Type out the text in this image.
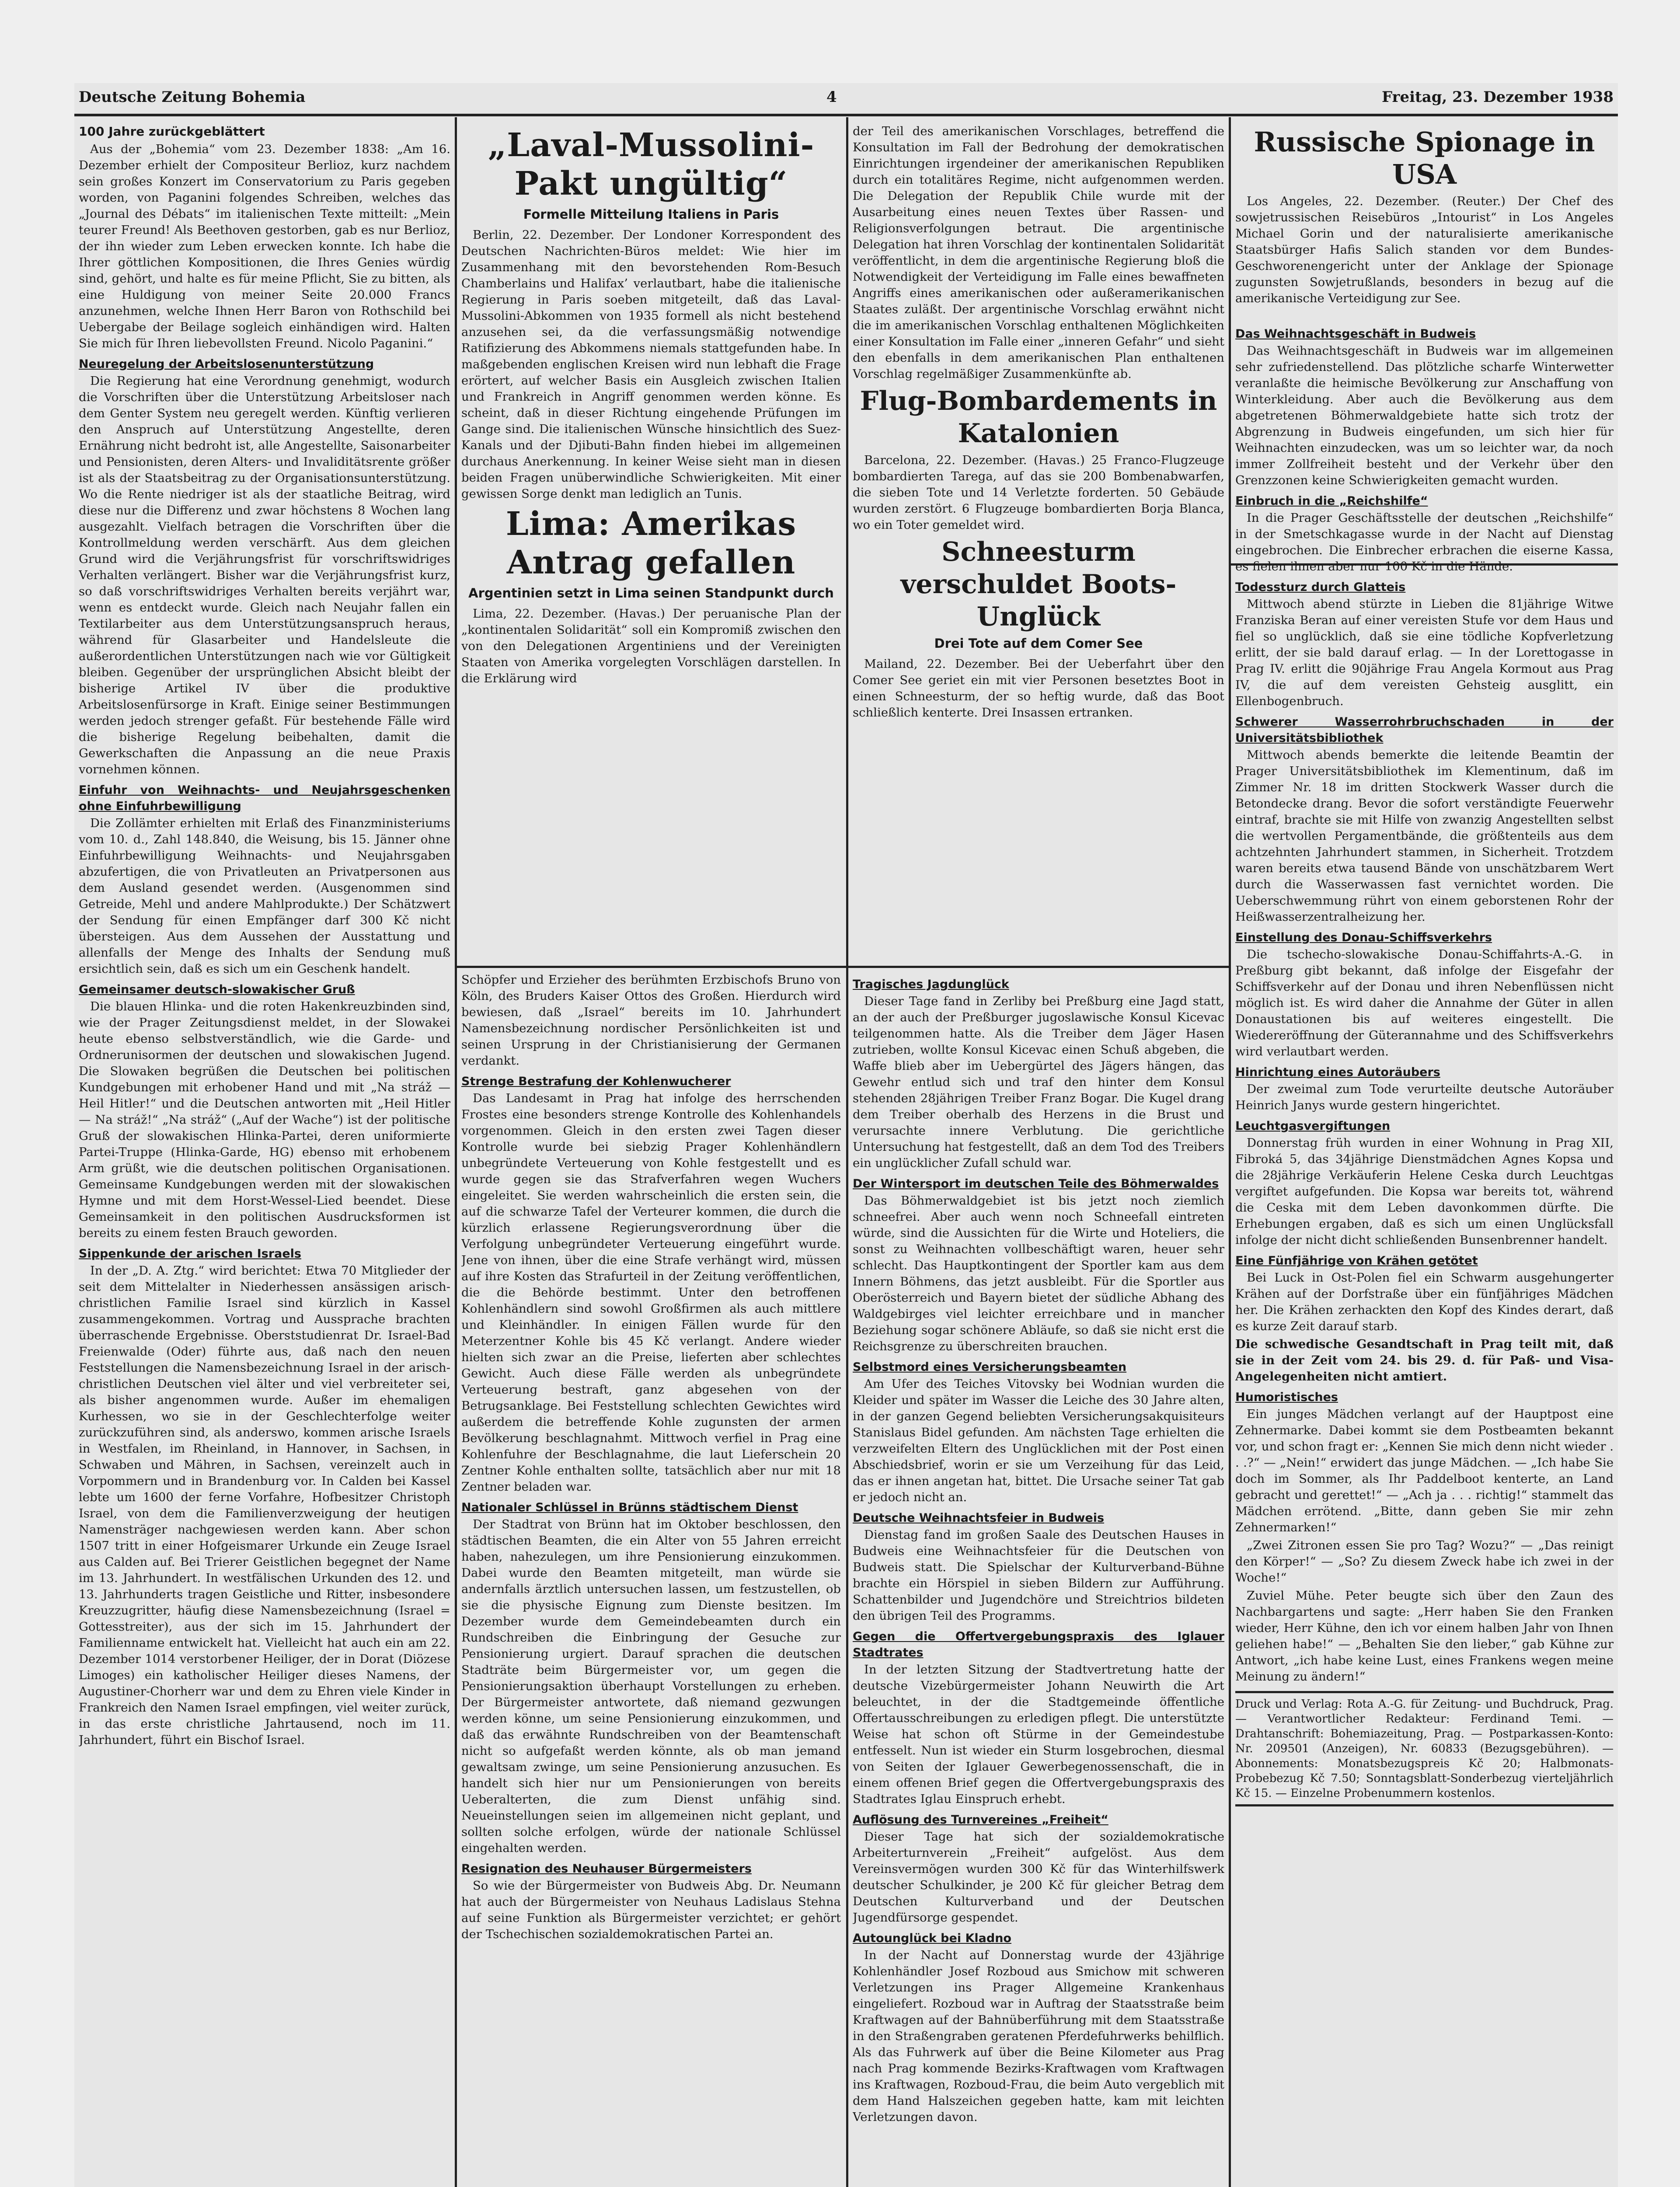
Deutsche Zeitung Bohemia	4	Freitag, 23. Dezember 1938
100 Jahre zurückgeblättert

Aus der „Bohemia“ vom 23. Dezember 1838: „Am 16. Dezember erhielt der Compositeur Berlioz, kurz nachdem sein großes Konzert im Conservatorium zu Paris gegeben worden, von Paganini folgendes Schreiben, welches das „Journal des Débats“ im italienischen Texte mitteilt: „Mein teurer Freund! Als Beethoven gestorben, gab es nur Berlioz, der ihn wieder zum Leben erwecken konnte. Ich habe die Ihrer göttlichen Kompositionen, die Ihres Genies würdig sind, gehört, und halte es für meine Pflicht, Sie zu bitten, als eine Huldigung von meiner Seite 20.000 Francs anzunehmen, welche Ihnen Herr Baron von Rothschild bei Uebergabe der Beilage sogleich einhändigen wird. Halten Sie mich für Ihren liebevollsten Freund. Nicolo Paganini.“

Neuregelung der Arbeitslosenunterstützung

Die Regierung hat eine Verordnung genehmigt, wodurch die Vorschriften über die Unterstützung Arbeitsloser nach dem Genter System neu geregelt werden. Künftig verlieren den Anspruch auf Unterstützung Angestellte, deren Ernährung nicht bedroht ist, alle Angestellte, Saisonarbeiter und Pensionisten, deren Alters- und Invaliditätsrente größer ist als der Staatsbeitrag zu der Organisationsunterstützung. Wo die Rente niedriger ist als der staatliche Beitrag, wird diese nur die Differenz und zwar höchstens 8 Wochen lang ausgezahlt. Vielfach betragen die Vorschriften über die Kontrollmeldung werden verschärft. Aus dem gleichen Grund wird die Verjährungsfrist für vorschriftswidriges Verhalten verlängert. Bisher war die Verjährungsfrist kurz, so daß vorschriftswidriges Verhalten bereits verjährt war, wenn es entdeckt wurde. Gleich nach Neujahr fallen ein Textilarbeiter aus dem Unterstützungsanspruch heraus, während für Glasarbeiter und Handelsleute die außerordentlichen Unterstützungen nach wie vor Gültigkeit bleiben. Gegenüber der ursprünglichen Absicht bleibt der bisherige Artikel IV über die produktive Arbeitslosenfürsorge in Kraft. Einige seiner Bestimmungen werden jedoch strenger gefaßt. Für bestehende Fälle wird die bisherige Regelung beibehalten, damit die Gewerkschaften die Anpassung an die neue Praxis vornehmen können.

Einfuhr von Weihnachts- und Neujahrsgeschenken ohne Einfuhrbewilligung

Die Zollämter erhielten mit Erlaß des Finanzministeriums vom 10. d., Zahl 148.840, die Weisung, bis 15. Jänner ohne Einfuhrbewilligung Weihnachts- und Neujahrsgaben abzufertigen, die von Privatleuten an Privatpersonen aus dem Ausland gesendet werden. (Ausgenommen sind Getreide, Mehl und andere Mahlprodukte.) Der Schätzwert der Sendung für einen Empfänger darf 300 Kč nicht übersteigen. Aus dem Aussehen der Ausstattung und allenfalls der Menge des Inhalts der Sendung muß ersichtlich sein, daß es sich um ein Geschenk handelt.

Gemeinsamer deutsch-slowakischer Gruß

Die blauen Hlinka- und die roten Hakenkreuzbinden sind, wie der Prager Zeitungsdienst meldet, in der Slowakei heute ebenso selbstverständlich, wie die Garde- und Ordnerunisormen der deutschen und slowakischen Jugend. Die Slowaken begrüßen die Deutschen bei politischen Kundgebungen mit erhobener Hand und mit „Na stráž — Heil Hitler!“ und die Deutschen antworten mit „Heil Hitler — Na stráž!“ „Na stráž“ („Auf der Wache“) ist der politische Gruß der slowakischen Hlinka-Partei, deren uniformierte Partei-Truppe (Hlinka-Garde, HG) ebenso mit erhobenem Arm grüßt, wie die deutschen politischen Organisationen. Gemeinsame Kundgebungen werden mit der slowakischen Hymne und mit dem Horst-Wessel-Lied beendet. Diese Gemeinsamkeit in den politischen Ausdrucksformen ist bereits zu einem festen Brauch geworden.

Sippenkunde der arischen Israels

In der „D. A. Ztg.“ wird berichtet: Etwa 70 Mitglieder der seit dem Mittelalter in Niederhessen ansässigen arisch-christlichen Familie Israel sind kürzlich in Kassel zusammengekommen. Vortrag und Aussprache brachten überraschende Ergebnisse. Oberststudienrat Dr. Israel-Bad Freienwalde (Oder) führte aus, daß nach den neuen Feststellungen die Namensbezeichnung Israel in der arisch-christlichen Deutschen viel älter und viel verbreiteter sei, als bisher angenommen wurde. Außer im ehemaligen Kurhessen, wo sie in der Geschlechterfolge weiter zurückzuführen sind, als anderswo, kommen arische Israels in Westfalen, im Rheinland, in Hannover, in Sachsen, in Schwaben und Mähren, in Sachsen, vereinzelt auch in Vorpommern und in Brandenburg vor. In Calden bei Kassel lebte um 1600 der ferne Vorfahre, Hofbesitzer Christoph Israel, von dem die Familienverzweigung der heutigen Namensträger nachgewiesen werden kann. Aber schon 1507 tritt in einer Hofgeismarer Urkunde ein Zeuge Israel aus Calden auf. Bei Trierer Geistlichen begegnet der Name im 13. Jahrhundert. In westfälischen Urkunden des 12. und 13. Jahrhunderts tragen Geistliche und Ritter, insbesondere Kreuzzugritter, häufig diese Namensbezeichnung (Israel = Gottesstreiter), aus der sich im 15. Jahrhundert der Familienname entwickelt hat. Vielleicht hat auch ein am 22. Dezember 1014 verstorbener Heiliger, der in Dorat (Diözese Limoges) ein katholischer Heiliger dieses Namens, der Augustiner-Chorherr war und dem zu Ehren viele Kinder in Frankreich den Namen Israel empfingen, viel weiter zurück, in das erste christliche Jahrtausend, noch im 11. Jahrhundert, führt ein Bischof Israel.

„Laval-Mussolini-Pakt ungültig“
Formelle Mitteilung Italiens in Paris

Berlin, 22. Dezember. Der Londoner Korrespondent des Deutschen Nachrichten-Büros meldet: Wie hier im Zusammenhang mit den bevorstehenden Rom-Besuch Chamberlains und Halifax’ verlautbart, habe die italienische Regierung in Paris soeben mitgeteilt, daß das Laval-Mussolini-Abkommen von 1935 formell als nicht bestehend anzusehen sei, da die verfassungsmäßig notwendige Ratifizierung des Abkommens niemals stattgefunden habe. In maßgebenden englischen Kreisen wird nun lebhaft die Frage erörtert, auf welcher Basis ein Ausgleich zwischen Italien und Frankreich in Angriff genommen werden könne. Es scheint, daß in dieser Richtung eingehende Prüfungen im Gange sind. Die italienischen Wünsche hinsichtlich des Suez-Kanals und der Djibuti-Bahn finden hiebei im allgemeinen durchaus Anerkennung. In keiner Weise sieht man in diesen beiden Fragen unüberwindliche Schwierigkeiten. Mit einer gewissen Sorge denkt man lediglich an Tunis.

Lima: Amerikas Antrag gefallen
Argentinien setzt in Lima seinen Standpunkt durch

Lima, 22. Dezember. (Havas.) Der peruanische Plan der „kontinentalen Solidarität“ soll ein Kompromiß zwischen den von den Delegationen Argentiniens und der Vereinigten Staaten von Amerika vorgelegten Vorschlägen darstellen. In die Erklärung wird

der Teil des amerikanischen Vorschlages, betreffend die Konsultation im Fall der Bedrohung der demokratischen Einrichtungen irgendeiner der amerikanischen Republiken durch ein totalitäres Regime, nicht aufgenommen werden. Die Delegation der Republik Chile wurde mit der Ausarbeitung eines neuen Textes über Rassen- und Religionsverfolgungen betraut. Die argentinische Delegation hat ihren Vorschlag der kontinentalen Solidarität veröffentlicht, in dem die argentinische Regierung bloß die Notwendigkeit der Verteidigung im Falle eines bewaffneten Angriffs eines amerikanischen oder außeramerikanischen Staates zuläßt. Der argentinische Vorschlag erwähnt nicht die im amerikanischen Vorschlag enthaltenen Möglichkeiten einer Konsultation im Falle einer „inneren Gefahr“ und sieht den ebenfalls in dem amerikanischen Plan enthaltenen Vorschlag regelmäßiger Zusammenkünfte ab.

Flug-Bombardements in Katalonien

Barcelona, 22. Dezember. (Havas.) 25 Franco-Flugzeuge bombardierten Tarega, auf das sie 200 Bombenabwarfen, die sieben Tote und 14 Verletzte forderten. 50 Gebäude wurden zerstört. 6 Flugzeuge bombardierten Borja Blanca, wo ein Toter gemeldet wird.

Schneesturm verschuldet Boots-Unglück
Drei Tote auf dem Comer See

Mailand, 22. Dezember. Bei der Ueberfahrt über den Comer See geriet ein mit vier Personen besetztes Boot in einen Schneesturm, der so heftig wurde, daß das Boot schließlich kenterte. Drei Insassen ertranken.

Schöpfer und Erzieher des berühmten Erzbischofs Bruno von Köln, des Bruders Kaiser Ottos des Großen. Hierdurch wird bewiesen, daß „Israel“ bereits im 10. Jahrhundert Namensbezeichnung nordischer Persönlichkeiten ist und seinen Ursprung in der Christianisierung der Germanen verdankt.

Strenge Bestrafung der Kohlenwucherer

Das Landesamt in Prag hat infolge des herrschenden Frostes eine besonders strenge Kontrolle des Kohlenhandels vorgenommen. Gleich in den ersten zwei Tagen dieser Kontrolle wurde bei siebzig Prager Kohlenhändlern unbegründete Verteuerung von Kohle festgestellt und es wurde gegen sie das Strafverfahren wegen Wuchers eingeleitet. Sie werden wahrscheinlich die ersten sein, die auf die schwarze Tafel der Verteurer kommen, die durch die kürzlich erlassene Regierungsverordnung über die Verfolgung unbegründeter Verteuerung eingeführt wurde. Jene von ihnen, über die eine Strafe verhängt wird, müssen auf ihre Kosten das Strafurteil in der Zeitung veröffentlichen, die die Behörde bestimmt. Unter den betroffenen Kohlenhändlern sind sowohl Großfirmen als auch mittlere und Kleinhändler. In einigen Fällen wurde für den Meterzentner Kohle bis 45 Kč verlangt. Andere wieder hielten sich zwar an die Preise, lieferten aber schlechtes Gewicht. Auch diese Fälle werden als unbegründete Verteuerung bestraft, ganz abgesehen von der Betrugsanklage. Bei Feststellung schlechten Gewichtes wird außerdem die betreffende Kohle zugunsten der armen Bevölkerung beschlagnahmt. Mittwoch verfiel in Prag eine Kohlenfuhre der Beschlagnahme, die laut Lieferschein 20 Zentner Kohle enthalten sollte, tatsächlich aber nur mit 18 Zentner beladen war.

Nationaler Schlüssel in Brünns städtischem Dienst

Der Stadtrat von Brünn hat im Oktober beschlossen, den städtischen Beamten, die ein Alter von 55 Jahren erreicht haben, nahezulegen, um ihre Pensionierung einzukommen. Dabei wurde den Beamten mitgeteilt, man würde sie andernfalls ärztlich untersuchen lassen, um festzustellen, ob sie die physische Eignung zum Dienste besitzen. Im Dezember wurde dem Gemeindebeamten durch ein Rundschreiben die Einbringung der Gesuche zur Pensionierung urgiert. Darauf sprachen die deutschen Stadträte beim Bürgermeister vor, um gegen die Pensionierungsaktion überhaupt Vorstellungen zu erheben. Der Bürgermeister antwortete, daß niemand gezwungen werden könne, um seine Pensionierung einzukommen, und daß das erwähnte Rundschreiben von der Beamtenschaft nicht so aufgefaßt werden könnte, als ob man jemand gewaltsam zwinge, um seine Pensionierung anzusuchen. Es handelt sich hier nur um Pensionierungen von bereits Ueberalterten, die zum Dienst unfähig sind. Neueinstellungen seien im allgemeinen nicht geplant, und sollten solche erfolgen, würde der nationale Schlüssel eingehalten werden.

Resignation des Neuhauser Bürgermeisters

So wie der Bürgermeister von Budweis Abg. Dr. Neumann hat auch der Bürgermeister von Neuhaus Ladislaus Stehna auf seine Funktion als Bürgermeister verzichtet; er gehört der Tschechischen sozialdemokratischen Partei an.

Tragisches Jagdunglück

Dieser Tage fand in Zerliby bei Preßburg eine Jagd statt, an der auch der Preßburger jugoslawische Konsul Kicevac teilgenommen hatte. Als die Treiber dem Jäger Hasen zutrieben, wollte Konsul Kicevac einen Schuß abgeben, die Waffe blieb aber im Uebergürtel des Jägers hängen, das Gewehr entlud sich und traf den hinter dem Konsul stehenden 28jährigen Treiber Franz Bogar. Die Kugel drang dem Treiber oberhalb des Herzens in die Brust und verursachte innere Verblutung. Die gerichtliche Untersuchung hat festgestellt, daß an dem Tod des Treibers ein unglücklicher Zufall schuld war.

Der Wintersport im deutschen Teile des Böhmerwaldes

Das Böhmerwaldgebiet ist bis jetzt noch ziemlich schneefrei. Aber auch wenn noch Schneefall eintreten würde, sind die Aussichten für die Wirte und Hoteliers, die sonst zu Weihnachten vollbeschäftigt waren, heuer sehr schlecht. Das Hauptkontingent der Sportler kam aus dem Innern Böhmens, das jetzt ausbleibt. Für die Sportler aus Oberösterreich und Bayern bietet der südliche Abhang des Waldgebirges viel leichter erreichbare und in mancher Beziehung sogar schönere Abläufe, so daß sie nicht erst die Reichsgrenze zu überschreiten brauchen.

Selbstmord eines Versicherungsbeamten

Am Ufer des Teiches Vitovsky bei Wodnian wurden die Kleider und später im Wasser die Leiche des 30 Jahre alten, in der ganzen Gegend beliebten Versicherungsakquisiteurs Stanislaus Bidel gefunden. Am nächsten Tage erhielten die verzweifelten Eltern des Unglücklichen mit der Post einen Abschiedsbrief, worin er sie um Verzeihung für das Leid, das er ihnen angetan hat, bittet. Die Ursache seiner Tat gab er jedoch nicht an.

Deutsche Weihnachtsfeier in Budweis

Dienstag fand im großen Saale des Deutschen Hauses in Budweis eine Weihnachtsfeier für die Deutschen von Budweis statt. Die Spielschar der Kulturverband-Bühne brachte ein Hörspiel in sieben Bildern zur Aufführung. Schattenbilder und Jugendchöre und Streichtrios bildeten den übrigen Teil des Programms.

Gegen die Offertvergebungspraxis des Iglauer Stadtrates

In der letzten Sitzung der Stadtvertretung hatte der deutsche Vizebürgermeister Johann Neuwirth die Art beleuchtet, in der die Stadtgemeinde öffentliche Offertausschreibungen zu erledigen pflegt. Die unterstützte Weise hat schon oft Stürme in der Gemeindestube entfesselt. Nun ist wieder ein Sturm losgebrochen, diesmal von Seiten der Iglauer Gewerbegenossenschaft, die in einem offenen Brief gegen die Offertvergebungspraxis des Stadtrates Iglau Einspruch erhebt.

Auflösung des Turnvereines „Freiheit“

Dieser Tage hat sich der sozialdemokratische Arbeiterturnverein „Freiheit“ aufgelöst. Aus dem Vereinsvermögen wurden 300 Kč für das Winterhilfswerk deutscher Schulkinder, je 200 Kč für gleicher Betrag dem Deutschen Kulturverband und der Deutschen Jugendfürsorge gespendet.

Autounglück bei Kladno

In der Nacht auf Donnerstag wurde der 43jährige Kohlenhändler Josef Rozboud aus Smichow mit schweren Verletzungen ins Prager Allgemeine Krankenhaus eingeliefert. Rozboud war in Auftrag der Staatsstraße beim Kraftwagen auf der Bahnüberführung mit dem Staatsstraße in den Straßengraben geratenen Pferdefuhrwerks behilflich. Als das Fuhrwerk auf über die Beine Kilometer aus Prag nach Prag kommende Bezirks-Kraftwagen vom Kraftwagen ins Kraftwagen, Rozboud-Frau, die beim Auto vergeblich mit dem Hand Halszeichen gegeben hatte, kam mit leichten Verletzungen davon.

Russische Spionage in USA

Los Angeles, 22. Dezember. (Reuter.) Der Chef des sowjetrussischen Reisebüros „Intourist“ in Los Angeles Michael Gorin und der naturalisierte amerikanische Staatsbürger Hafis Salich standen vor dem Bundes-Geschworenengericht unter der Anklage der Spionage zugunsten Sowjetrußlands, besonders in bezug auf die amerikanische Verteidigung zur See.

Das Weihnachtsgeschäft in Budweis

Das Weihnachtsgeschäft in Budweis war im allgemeinen sehr zufriedenstellend. Das plötzliche scharfe Winterwetter veranlaßte die heimische Bevölkerung zur Anschaffung von Winterkleidung. Aber auch die Bevölkerung aus dem abgetretenen Böhmerwaldgebiete hatte sich trotz der Abgrenzung in Budweis eingefunden, um sich hier für Weihnachten einzudecken, was um so leichter war, da noch immer Zollfreiheit besteht und der Verkehr über den Grenzzonen keine Schwierigkeiten gemacht wurden.

Einbruch in die „Reichshilfe“

In die Prager Geschäftsstelle der deutschen „Reichshilfe“ in der Smetschkagasse wurde in der Nacht auf Dienstag eingebrochen. Die Einbrecher erbrachen die eiserne Kassa, es fielen ihnen aber nur 100 Kč in die Hände.

Todessturz durch Glatteis

Mittwoch abend stürzte in Lieben die 81jährige Witwe Franziska Beran auf einer vereisten Stufe vor dem Haus und fiel so unglücklich, daß sie eine tödliche Kopfverletzung erlitt, der sie bald darauf erlag. — In der Lorettogasse in Prag IV. erlitt die 90jährige Frau Angela Kormout aus Prag IV, die auf dem vereisten Gehsteig ausglitt, ein Ellenbogenbruch.

Schwerer Wasserrohrbruchschaden in der Universitätsbibliothek

Mittwoch abends bemerkte die leitende Beamtin der Prager Universitätsbibliothek im Klementinum, daß im Zimmer Nr. 18 im dritten Stockwerk Wasser durch die Betondecke drang. Bevor die sofort verständigte Feuerwehr eintraf, brachte sie mit Hilfe von zwanzig Angestellten selbst die wertvollen Pergamentbände, die größtenteils aus dem achtzehnten Jahrhundert stammen, in Sicherheit. Trotzdem waren bereits etwa tausend Bände von unschätzbarem Wert durch die Wasserwassen fast vernichtet worden. Die Ueberschwemmung rührt von einem geborstenen Rohr der Heißwasserzentralheizung her.

Einstellung des Donau-Schiffsverkehrs

Die tschecho-slowakische Donau-Schiffahrts-A.-G. in Preßburg gibt bekannt, daß infolge der Eisgefahr der Schiffsverkehr auf der Donau und ihren Nebenflüssen nicht möglich ist. Es wird daher die Annahme der Güter in allen Donaustationen bis auf weiteres eingestellt. Die Wiedereröffnung der Güterannahme und des Schiffsverkehrs wird verlautbart werden.

Hinrichtung eines Autoräubers

Der zweimal zum Tode verurteilte deutsche Autoräuber Heinrich Janys wurde gestern hingerichtet.

Leuchtgasvergiftungen

Donnerstag früh wurden in einer Wohnung in Prag XII, Fibroká 5, das 34jährige Dienstmädchen Agnes Kopsa und die 28jährige Verkäuferin Helene Ceska durch Leuchtgas vergiftet aufgefunden. Die Kopsa war bereits tot, während die Ceska mit dem Leben davonkommen dürfte. Die Erhebungen ergaben, daß es sich um einen Unglücksfall infolge der nicht dicht schließenden Bunsenbrenner handelt.

Eine Fünfjährige von Krähen getötet

Bei Luck in Ost-Polen fiel ein Schwarm ausgehungerter Krähen auf der Dorfstraße über ein fünfjähriges Mädchen her. Die Krähen zerhackten den Kopf des Kindes derart, daß es kurze Zeit darauf starb.

Die schwedische Gesandtschaft in Prag teilt mit, daß sie in der Zeit vom 24. bis 29. d. für Paß- und Visa-Angelegenheiten nicht amtiert.

Humoristisches

Ein junges Mädchen verlangt auf der Hauptpost eine Zehnermarke. Dabei kommt sie dem Postbeamten bekannt vor, und schon fragt er: „Kennen Sie mich denn nicht wieder . . .?“ — „Nein!“ erwidert das junge Mädchen. — „Ich habe Sie doch im Sommer, als Ihr Paddelboot kenterte, an Land gebracht und gerettet!“ — „Ach ja . . . richtig!“ stammelt das Mädchen errötend. „Bitte, dann geben Sie mir zehn Zehnermarken!“

„Zwei Zitronen essen Sie pro Tag? Wozu?“ — „Das reinigt den Körper!“ — „So? Zu diesem Zweck habe ich zwei in der Woche!“

Zuviel Mühe. Peter beugte sich über den Zaun des Nachbargartens und sagte: „Herr haben Sie den Franken wieder, Herr Kühne, den ich vor einem halben Jahr von Ihnen geliehen habe!“ — „Behalten Sie den lieber,“ gab Kühne zur Antwort, „ich habe keine Lust, eines Frankens wegen meine Meinung zu ändern!“

Druck und Verlag: Rota A.-G. für Zeitung- und Buchdruck, Prag. — Verantwortlicher Redakteur: Ferdinand Temi. — Drahtanschrift: Bohemiazeitung, Prag. — Postparkassen-Konto: Nr. 209501 (Anzeigen), Nr. 60833 (Bezugsgebühren). — Abonnements: Monatsbezugspreis Kč 20; Halbmonats-Probebezug Kč 7.50; Sonntagsblatt-Sonderbezug vierteljährlich Kč 15. — Einzelne Probenummern kostenlos.
